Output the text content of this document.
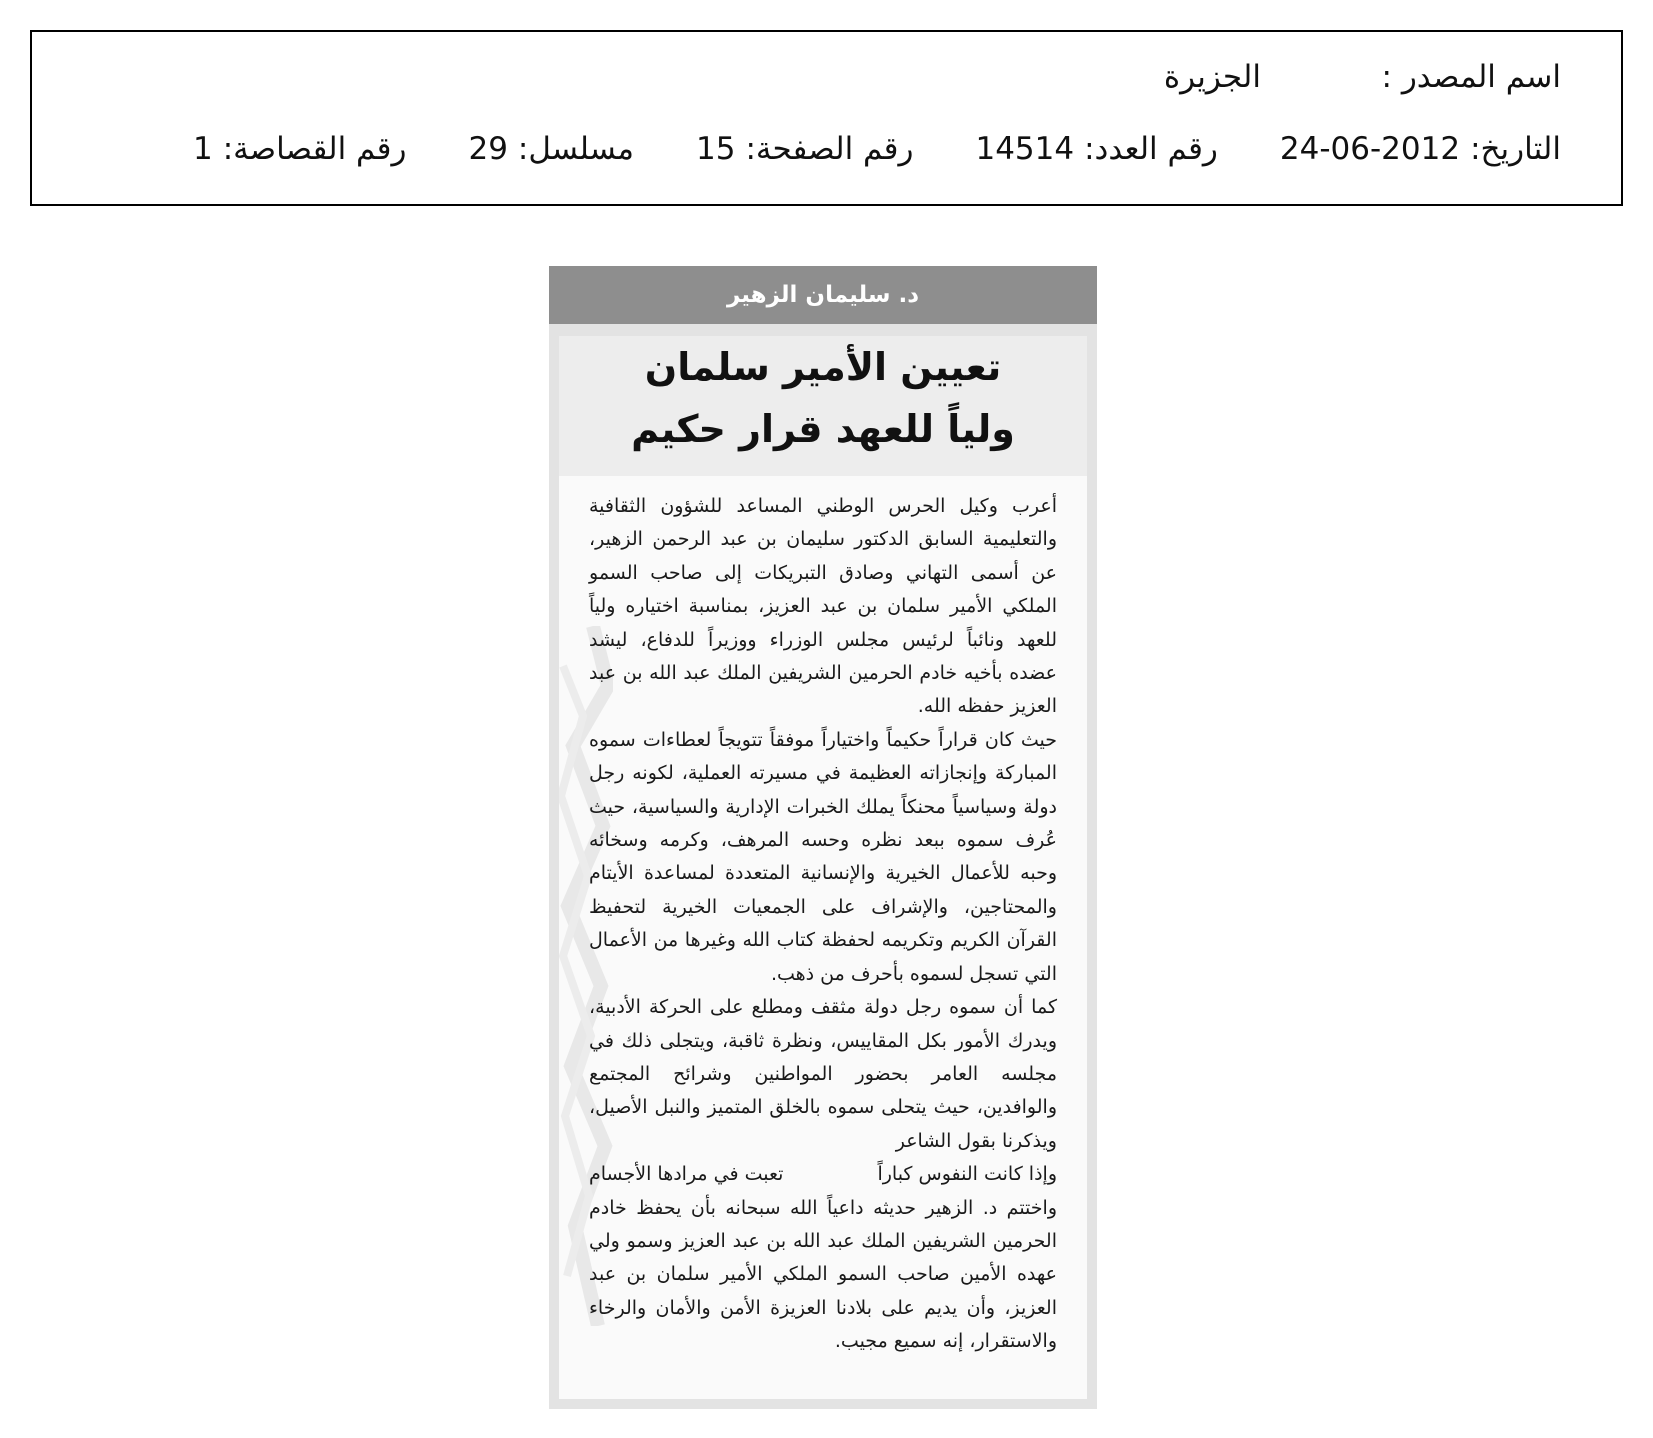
اسم المصدر :
الجزيرة
التاريخ:
24-06-2012
رقم العدد:
14514
رقم الصفحة:
15
مسلسل:
29
رقم القصاصة:
1
د. سليمان الزهير
تعيين الأمير سلمان
ولياً للعهد قرار حكيم

أعرب وكيل الحرس الوطني المساعد للشؤون الثقافية والتعليمية السابق الدكتور سليمان بن عبد الرحمن الزهير، عن أسمى التهاني وصادق التبريكات إلى صاحب السمو الملكي الأمير سلمان بن عبد العزيز، بمناسبة اختياره ولياً للعهد ونائباً لرئيس مجلس الوزراء ووزيراً للدفاع، ليشد عضده بأخيه خادم الحرمين الشريفين الملك عبد الله بن عبد العزيز حفظه الله.

حيث كان قراراً حكيماً واختياراً موفقاً تتويجاً لعطاءات سموه المباركة وإنجازاته العظيمة في مسيرته العملية، لكونه رجل دولة وسياسياً محنكاً يملك الخبرات الإدارية والسياسية، حيث عُرف سموه ببعد نظره وحسه المرهف، وكرمه وسخائه وحبه للأعمال الخيرية والإنسانية المتعددة لمساعدة الأيتام والمحتاجين، والإشراف على الجمعيات الخيرية لتحفيظ القرآن الكريم وتكريمه لحفظة كتاب الله وغيرها من الأعمال التي تسجل لسموه بأحرف من ذهب.

كما أن سموه رجل دولة مثقف ومطلع على الحركة الأدبية، ويدرك الأمور بكل المقاييس، ونظرة ثاقبة، ويتجلى ذلك في مجلسه العامر بحضور المواطنين وشرائح المجتمع والوافدين، حيث يتحلى سموه بالخلق المتميز والنبل الأصيل، ويذكرنا بقول الشاعر

وإذا كانت النفوس كباراً
تعبت في مرادها الأجسام

واختتم د. الزهير حديثه داعياً الله سبحانه بأن يحفظ خادم الحرمين الشريفين الملك عبد الله بن عبد العزيز وسمو ولي عهده الأمين صاحب السمو الملكي الأمير سلمان بن عبد العزيز، وأن يديم على بلادنا العزيزة الأمن والأمان والرخاء والاستقرار، إنه سميع مجيب.
